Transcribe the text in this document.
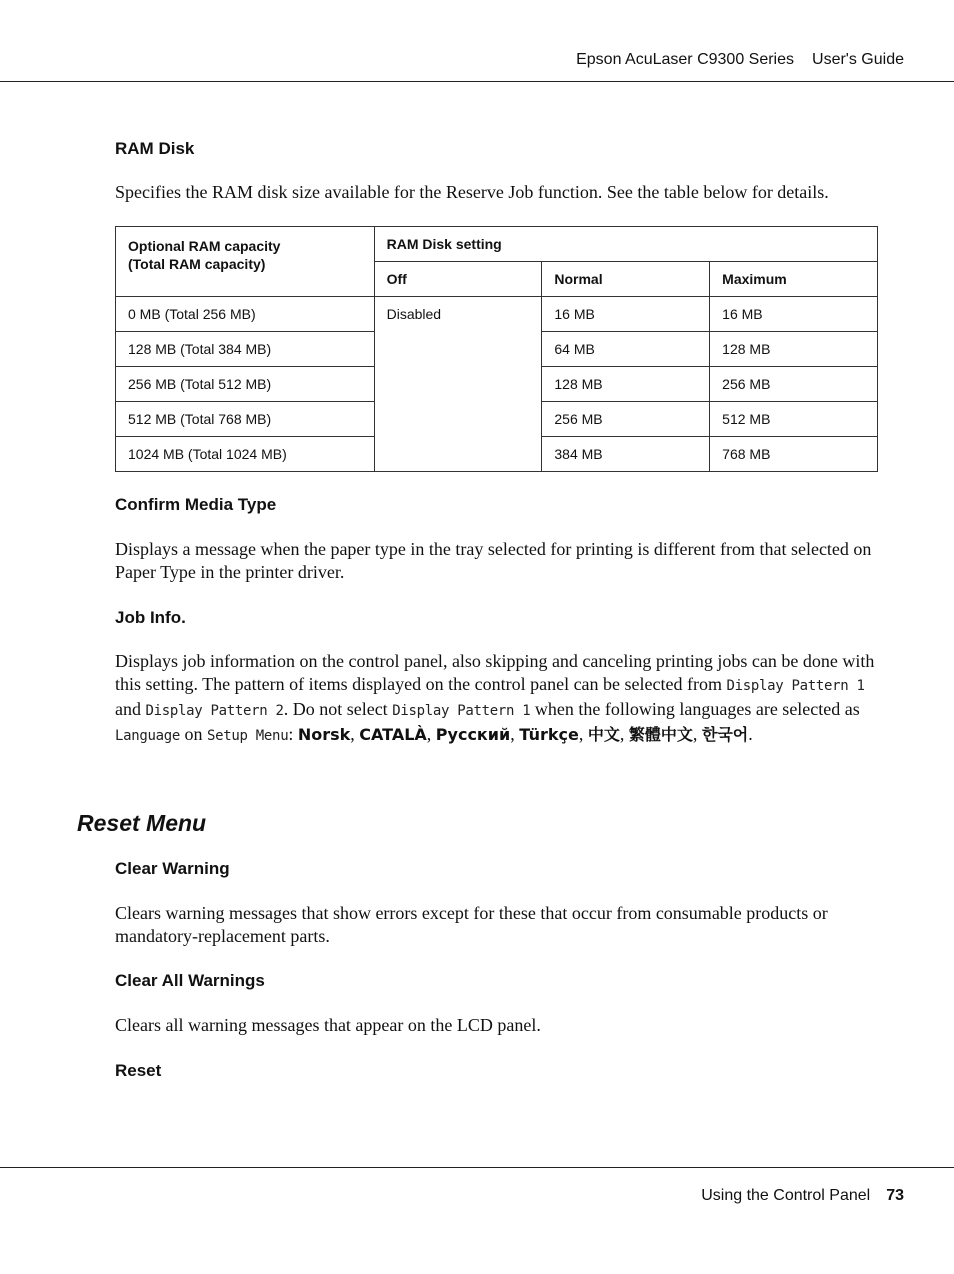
Epson AcuLaser C9300 Series User's Guide
RAM Disk
Specifies the RAM disk size available for the Reserve Job function. See the table below for details.
Optional RAM capacity
(Total RAM capacity)	RAM Disk setting		
	Off	Normal	Maximum
0 MB (Total 256 MB)	Disabled	16 MB	16 MB
128 MB (Total 384 MB)		64 MB	128 MB
256 MB (Total 512 MB)		128 MB	256 MB
512 MB (Total 768 MB)		256 MB	512 MB
1024 MB (Total 1024 MB)		384 MB	768 MB
Confirm Media Type
Displays a message when the paper type in the tray selected for printing is different from that selected on Paper Type in the printer driver.
Job Info.
Displays job information on the control panel, also skipping and canceling printing jobs can be done with this setting. The pattern of items displayed on the control panel can be selected from Display Pattern 1 and Display Pattern 2. Do not select Display Pattern 1 when the following languages are selected as Language on Setup Menu: Norsk, CATALÀ, Русский, Türkçe, 中文, 繁體中文, 한국어.
Reset Menu
Clear Warning
Clears warning messages that show errors except for these that occur from consumable products or mandatory-replacement parts.
Clear All Warnings
Clears all warning messages that appear on the LCD panel.
Reset
Using the Control Panel 73
